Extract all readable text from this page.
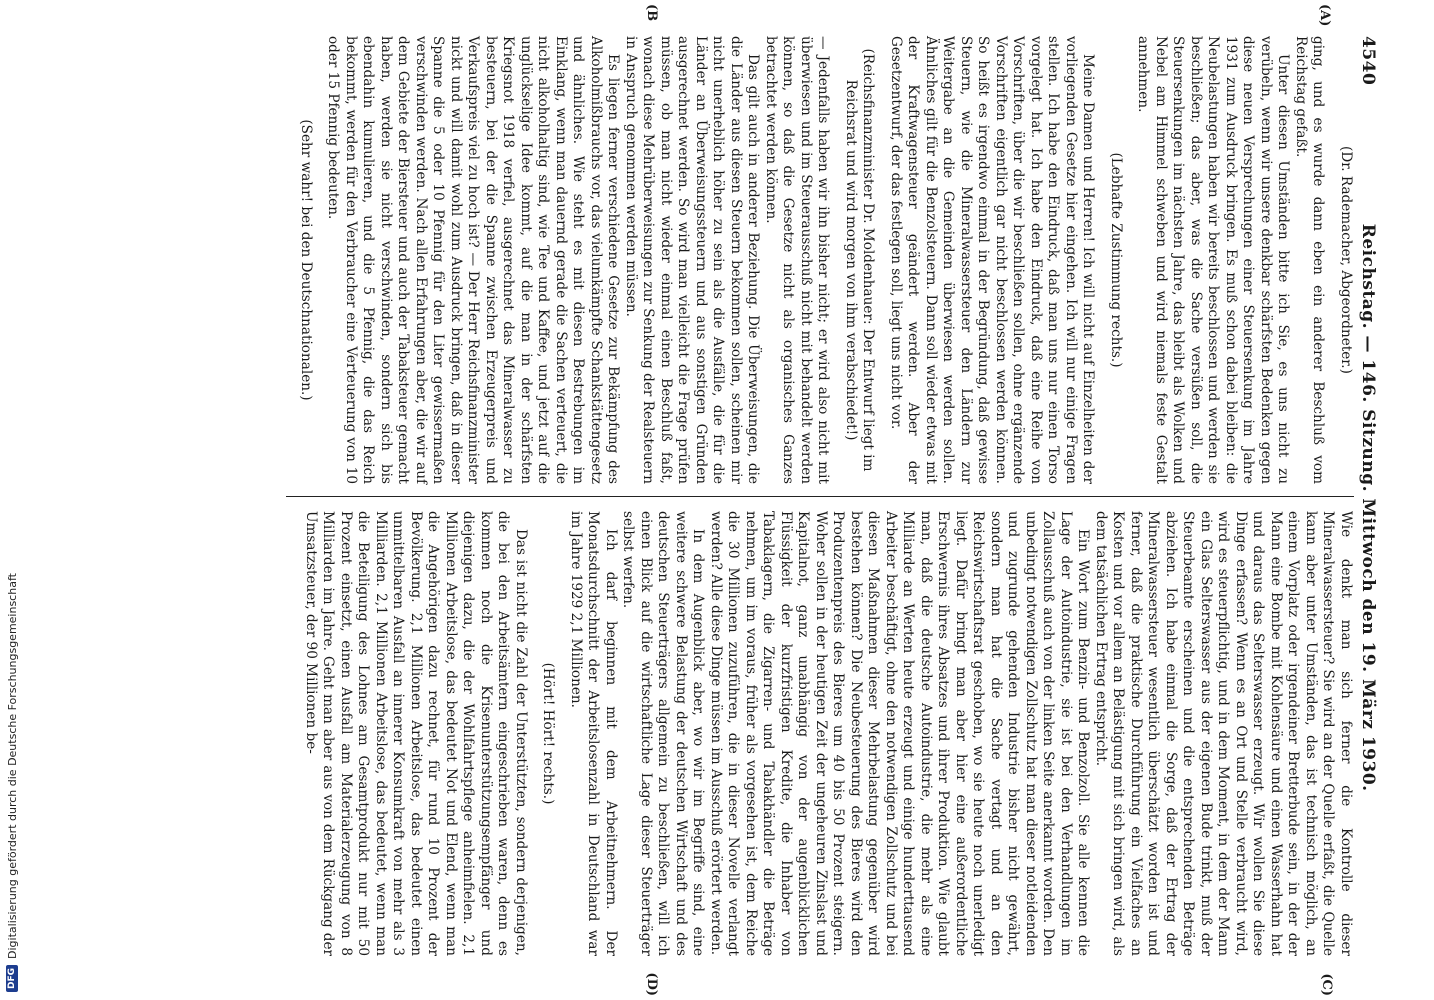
4540
Reichstag. — 146. Sitzung. Mittwoch den 19. März 1930.
(A)
(B
(C)
(D)

(Dr. Rademacher, Abgeordneter.)

ging, und es wurde dann eben ein anderer Beschluß vom Reichstag gefaßt.

Unter diesen Umständen bitte ich Sie, es uns nicht zu verübeln, wenn wir unsere denkbar schärfsten Bedenken gegen diese neuen Versprechungen einer Steuersenkung im Jahre 1931 zum Ausdruck bringen. Es muß schon dabei bleiben: die Neubelastungen haben wir bereits beschlossen und werden sie beschließen; das aber, was die Sache versüßen soll, die Steuersenkungen im nächsten Jahre, das bleibt als Wolken und Nebel am Himmel schweben und wird niemals feste Gestalt annehmen.

(Lebhafte Zustimmung rechts.)

Meine Damen und Herren! Ich will nicht auf Einzelheiten der vorliegenden Gesetze hier eingehen. Ich will nur einige Fragen stellen. Ich habe den Eindruck, daß man uns nur einen Torso vorgelegt hat. Ich habe den Eindruck, daß eine Reihe von Vorschriften, über die wir beschließen sollen, ohne ergänzende Vorschriften eigentlich gar nicht beschlossen werden können. So heißt es irgendwo einmal in der Begründung, daß gewisse Steuern, wie die Mineralwassersteuer den Ländern zur Weitergabe an die Gemeinden überwiesen werden sollen. Ähnliches gilt für die Benzolsteuern. Dann soll wieder etwas mit der Kraftwagensteuer geändert werden. Aber der Gesetzentwurf, der das festlegen soll, liegt uns nicht vor.

(Reichsfinanzminister Dr. Moldenhauer: Der Entwurf liegt im Reichsrat und wird morgen von ihm verabschiedet!)

— Jedenfalls haben wir ihn bisher nicht; er wird also nicht mit überwiesen und im Steuerausschuß nicht mit behandelt werden können, so daß die Gesetze nicht als organisches Ganzes betrachtet werden können.

Das gilt auch in anderer Beziehung. Die Überweisungen, die die Länder aus diesen Steuern bekommen sollen, scheinen mir nicht unerheblich höher zu sein als die Ausfälle, die für die Länder an Überweisungssteuern und aus sonstigen Gründen ausgerechnet werden. So wird man vielleicht die Frage prüfen müssen, ob man nicht wieder einmal einen Beschluß faßt, wonach diese Mehrüberweisungen zur Senkung der Realsteuern in Anspruch genommen werden müssen.

Es liegen ferner verschiedene Gesetze zur Bekämpfung des Alkoholmißbrauchs vor, das vielumkämpfte Schankstättengesetz und ähnliches. Wie steht es mit diesen Bestrebungen im Einklang, wenn man dauernd gerade die Sachen verteuert, die nicht alkoholhaltig sind, wie Tee und Kaffee, und jetzt auf die unglückselige Idee kommt, auf die man in der schärfsten Kriegsnot 1918 verfiel, ausgerechnet das Mineralwasser zu besteuern, bei der die Spanne zwischen Erzeugerpreis und Verkaufspreis viel zu hoch ist? — Der Herr Reichsfinanzminister nickt und will damit wohl zum Ausdruck bringen, daß in dieser Spanne die 5 oder 10 Pfennig für den Liter gewissermaßen verschwinden werden. Nach allen Erfahrungen aber, die wir auf dem Gebiete der Biersteuer und auch der Tabaksteuer gemacht haben, werden sie nicht verschwinden, sondern sich bis ebendahin kumulieren, und die 5 Pfennig, die das Reich bekommt, werden für den Verbraucher eine Verteuerung von 10 oder 15 Pfennig bedeuten.

(Sehr wahr! bei den Deutschnationalen.)

Wie denkt man sich ferner die Kontrolle dieser Mineralwassersteuer? Sie wird an der Quelle erfaßt, die Quelle kann aber unter Umständen, das ist technisch möglich, an einem Vorplatz oder irgendeiner Bretterbude sein, in der der Mann eine Bombe mit Kohlensäure und einen Wasserhahn hat und daraus das Selterswasser erzeugt. Wir wollen Sie diese Dinge erfassen? Wenn es an Ort und Stelle verbraucht wird, wird es steuerpflichtig, und in dem Moment, in dem der Mann ein Glas Selterswasser aus der eigenen Bude trinkt, muß der Steuerbeamte erscheinen und die entsprechenden Beträge abziehen. Ich habe einmal die Sorge, daß der Ertrag der Mineralwassersteuer wesentlich überschätzt worden ist und ferner, daß die praktische Durchführung ein Vielfaches an Kosten und vor allem an Belästigung mit sich bringen wird, als dem tatsächlichen Ertrag entspricht.

Ein Wort zum Benzin- und Benzolzoll. Sie alle kennen die Lage der Autoindustrie, sie ist bei den Verhandlungen im Zollausschuß auch von der linken Seite anerkannt worden. Den unbedingt notwendigen Zollschutz hat man dieser notleidenden und zugrunde gehenden Industrie bisher nicht gewährt, sondern man hat die Sache vertagt und an den Reichswirtschaftsrat geschoben, wo sie heute noch unerledigt liegt. Dafür bringt man aber hier eine außerordentliche Erschwernis ihres Absatzes und ihrer Produktion. Wie glaubt man, daß die deutsche Autoindustrie, die mehr als eine Milliarde an Werten heute erzeugt und einige hunderttausend Arbeiter beschäftigt, ohne den notwendigen Zollschutz und bei diesen Maßnahmen dieser Mehrbelastung gegenüber wird bestehen können? Die Neubesteuerung des Bieres wird den Produzentenpreis des Bieres um 40 bis 50 Prozent steigern. Woher sollen in der heutigen Zeit der ungeheuren Zinslast und Kapitalnot, ganz unabhängig von der augenblicklichen Flüssigkeit der kurzfristigen Kredite, die Inhaber von Tabaklagern, die Zigarren- und Tabakhändler die Beträge nehmen, um im voraus, früher als vorgesehen ist, dem Reiche die 30 Millionen zuzuführen, die in dieser Novelle verlangt werden? Alle diese Dinge müssen im Ausschuß erörtert werden.

In dem Augenblick aber, wo wir im Begriffe sind, eine weitere schwere Belastung der deutschen Wirtschaft und des deutschen Steuerträgers allgemein zu beschließen, will ich einen Blick auf die wirtschaftliche Lage dieser Steuerträger selbst werfen.

Ich darf beginnen mit dem Arbeitnehmern. Der Monatsdurchschnitt der Arbeitslosenzahl in Deutschland war im Jahre 1929 2,1 Millionen.

(Hört! Hört! rechts.)

Das ist nicht die Zahl der Unterstützten, sondern derjenigen, die bei den Arbeitsämtern eingeschrieben waren, denn es kommen noch die Krisenunterstützungsempfänger und diejenigen dazu, die der Wohlfahrtspflege anheimfielen. 2,1 Millionen Arbeitslose, das bedeutet Not und Elend, wenn man die Angehörigen dazu rechnet, für rund 10 Prozent der Bevölkerung. 2,1 Millionen Arbeitslose, das bedeutet einen unmittelbaren Ausfall an innerer Konsumkraft von mehr als 3 Milliarden. 2,1 Millionen Arbeitslose, das bedeutet, wenn man die Beteiligung des Lohnes am Gesamtprodukt nur mit 50 Prozent einsetzt, einen Ausfall am Materialerzeugung von 8 Milliarden im Jahre. Geht man aber aus von dem Rückgang der Umsatzsteuer, der 90 Millionen be-

DFG
Digitalisierung gefördert durch die Deutsche Forschungsgemeinschaft
